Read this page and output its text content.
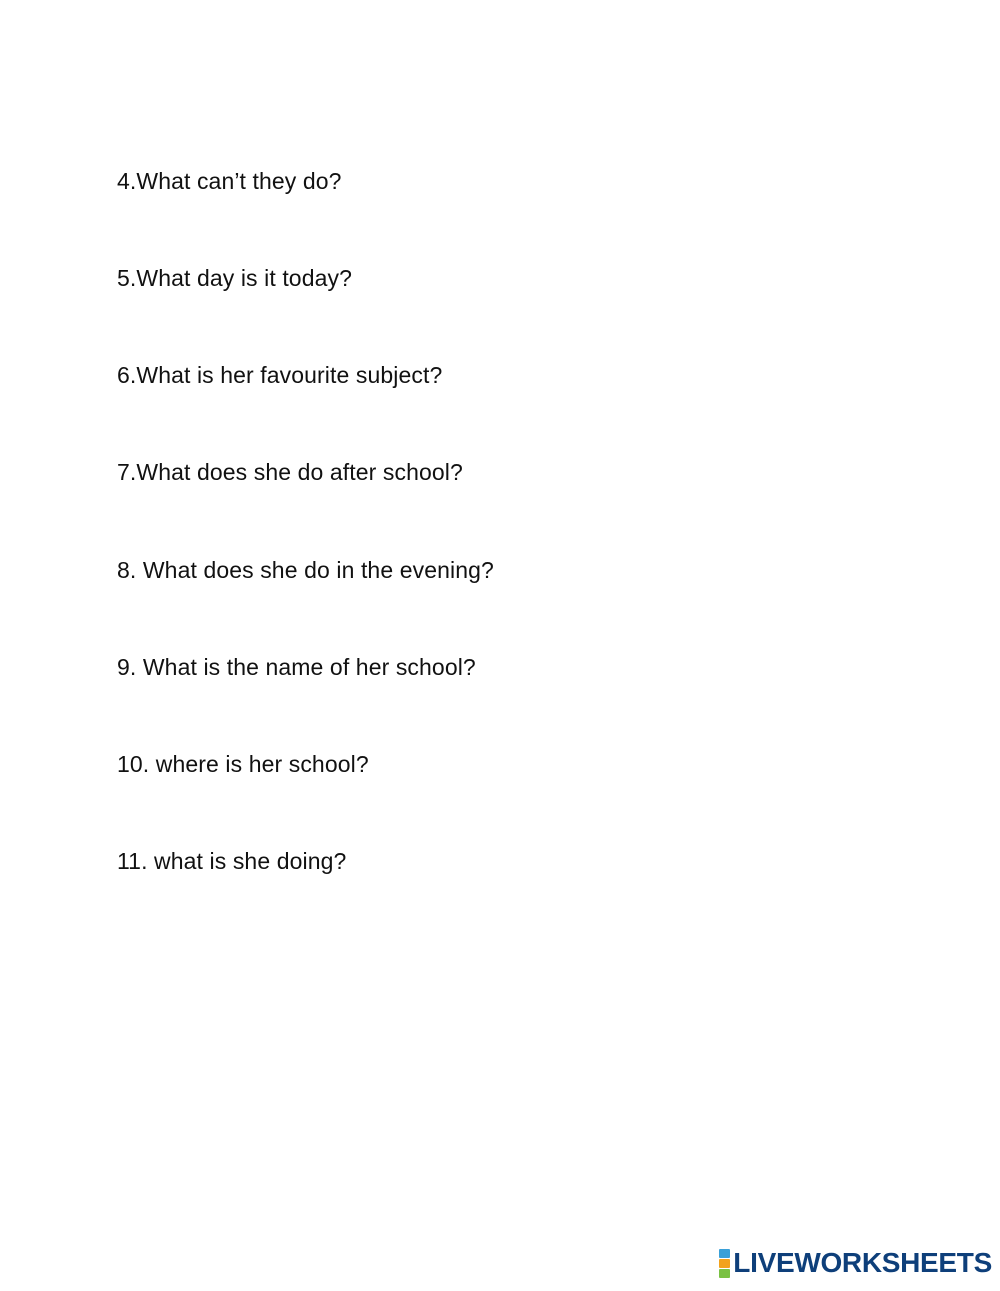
4.What can’t they do?
5.What day is it today?
6.What is her favourite subject?
7.What does she do after school?
8. What does she do in the evening?
9. What is the name of her school?
10. where is her school?
11. what is she doing?
LIVEWORKSHEETS
